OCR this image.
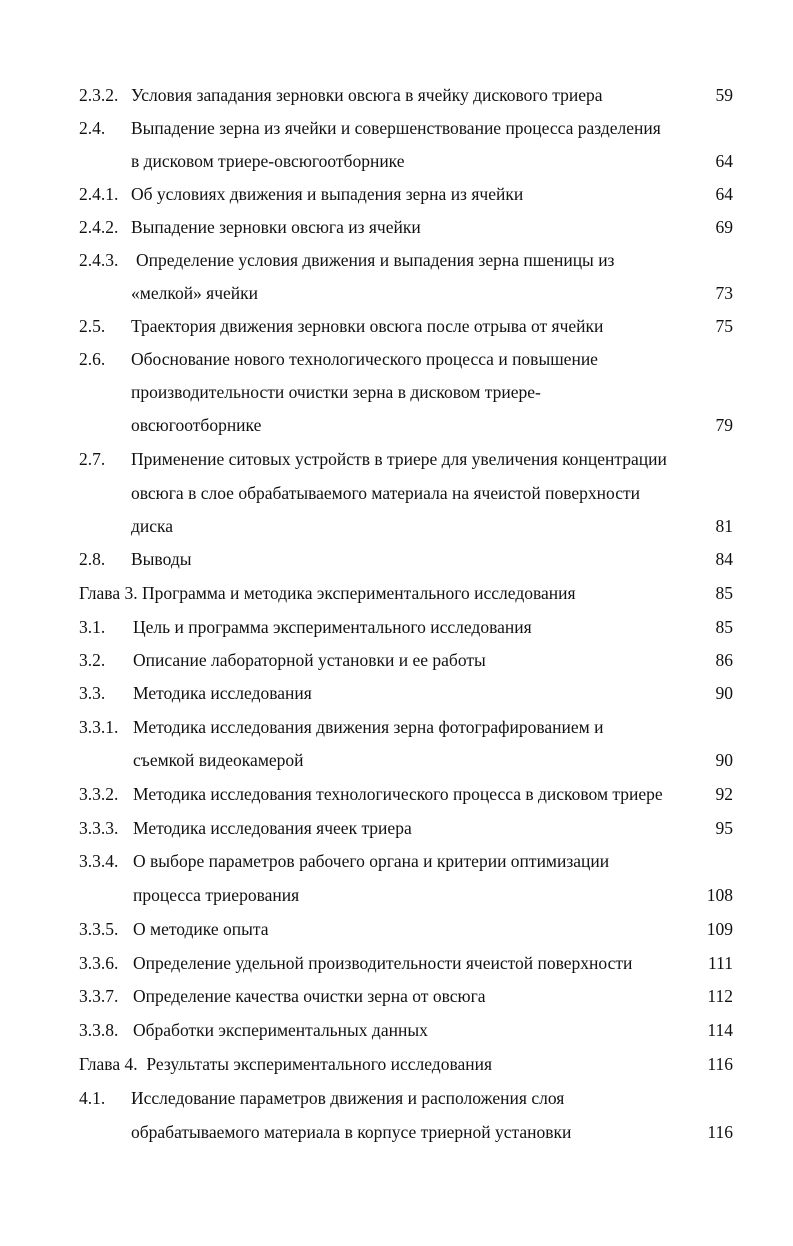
2.3.2. Условия западания зерновки овсюга в ячейку дискового триера	59
2.4. Выпадение зерна из ячейки и совершенствование процесса разделения
в дисковом триере-овсюгоотборнике	64
2.4.1. Об условиях движения и выпадения зерна из ячейки	64
2.4.2. Выпадение зерновки овсюга из ячейки	69
2.4.3. Определение условия движения и выпадения зерна пшеницы из
«мелкой» ячейки	73
2.5. Траектория движения зерновки овсюга после отрыва от ячейки	75
2.6. Обоснование нового технологического процесса и повышение
производительности очистки зерна в дисковом триере-
овсюгоотборнике	79
2.7. Применение ситовых устройств в триере для увеличения концентрации
овсюга в слое обрабатываемого материала на ячеистой поверхности
диска	81
2.8. Выводы	84
Глава 3. Программа и методика экспериментального исследования	85
3.1. Цель и программа экспериментального исследования	85
3.2. Описание лабораторной установки и ее работы	86
3.3. Методика исследования	90
3.3.1. Методика исследования движения зерна фотографированием и
съемкой видеокамерой	90
3.3.2. Методика исследования технологического процесса в дисковом триере	92
3.3.3. Методика исследования ячеек триера	95
3.3.4. О выборе параметров рабочего органа и критерии оптимизации
процесса триерования	108
3.3.5. О методике опыта	109
3.3.6. Определение удельной производительности ячеистой поверхности	111
3.3.7. Определение качества очистки зерна от овсюга	112
3.3.8. Обработки экспериментальных данных	114
Глава 4.  Результаты экспериментального исследования	116
4.1. Исследование параметров движения и расположения слоя
обрабатываемого материала в корпусе триерной установки	116
